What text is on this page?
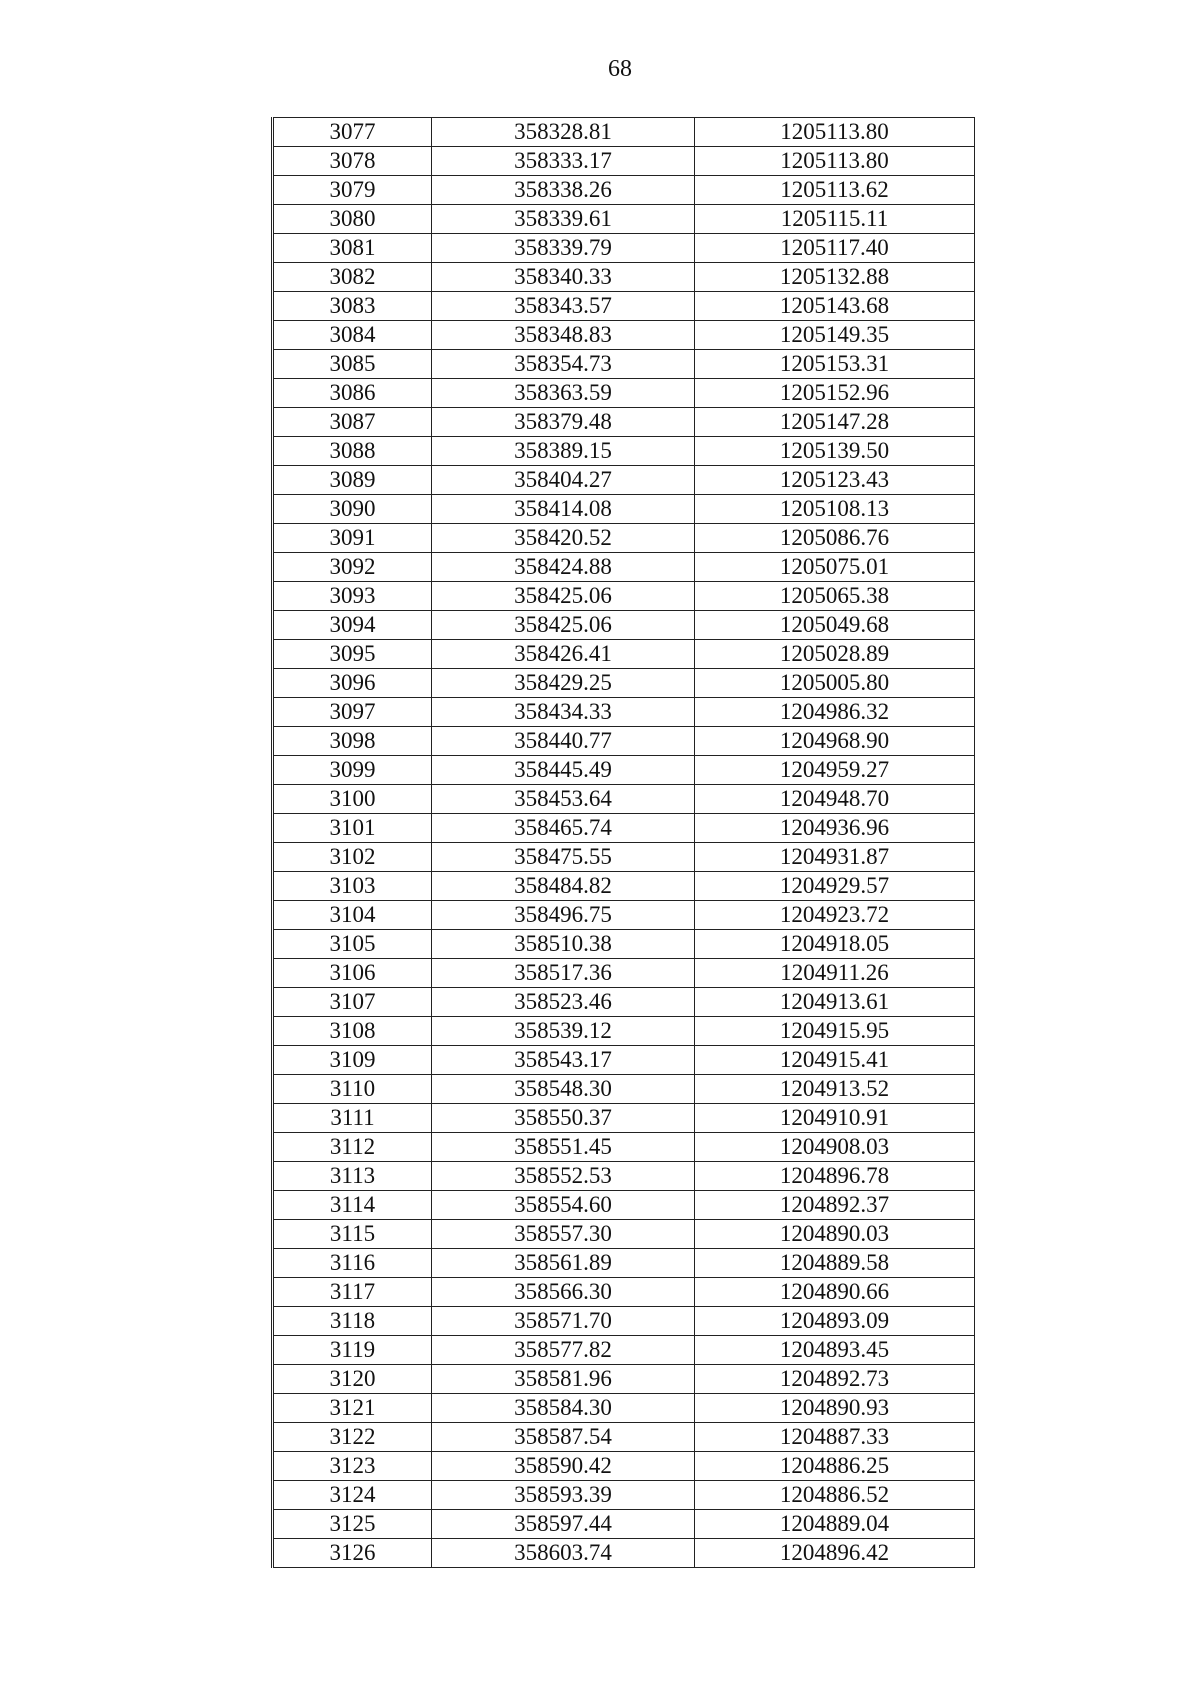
68
3077	358328.81	1205113.80
3078	358333.17	1205113.80
3079	358338.26	1205113.62
3080	358339.61	1205115.11
3081	358339.79	1205117.40
3082	358340.33	1205132.88
3083	358343.57	1205143.68
3084	358348.83	1205149.35
3085	358354.73	1205153.31
3086	358363.59	1205152.96
3087	358379.48	1205147.28
3088	358389.15	1205139.50
3089	358404.27	1205123.43
3090	358414.08	1205108.13
3091	358420.52	1205086.76
3092	358424.88	1205075.01
3093	358425.06	1205065.38
3094	358425.06	1205049.68
3095	358426.41	1205028.89
3096	358429.25	1205005.80
3097	358434.33	1204986.32
3098	358440.77	1204968.90
3099	358445.49	1204959.27
3100	358453.64	1204948.70
3101	358465.74	1204936.96
3102	358475.55	1204931.87
3103	358484.82	1204929.57
3104	358496.75	1204923.72
3105	358510.38	1204918.05
3106	358517.36	1204911.26
3107	358523.46	1204913.61
3108	358539.12	1204915.95
3109	358543.17	1204915.41
3110	358548.30	1204913.52
3111	358550.37	1204910.91
3112	358551.45	1204908.03
3113	358552.53	1204896.78
3114	358554.60	1204892.37
3115	358557.30	1204890.03
3116	358561.89	1204889.58
3117	358566.30	1204890.66
3118	358571.70	1204893.09
3119	358577.82	1204893.45
3120	358581.96	1204892.73
3121	358584.30	1204890.93
3122	358587.54	1204887.33
3123	358590.42	1204886.25
3124	358593.39	1204886.52
3125	358597.44	1204889.04
3126	358603.74	1204896.42
